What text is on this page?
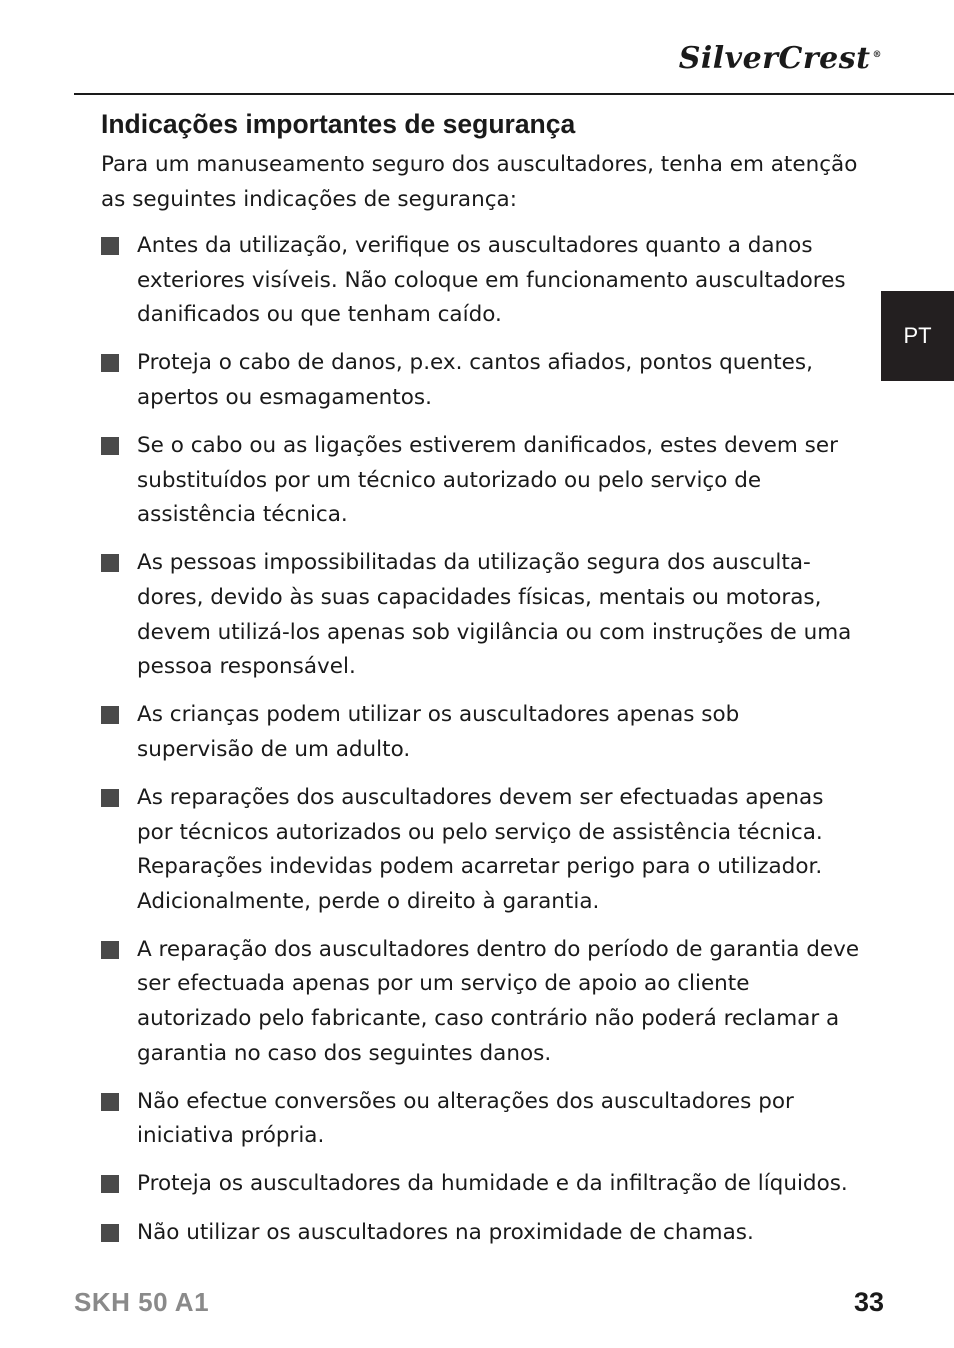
SilverCrest ®
PT
Indicações importantes de segurança

Para um manuseamento seguro dos auscultadores, tenha em atenção as seguintes indicações de segurança:

Antes da utilização, verifique os auscultadores quanto a danos exteriores visíveis. Não coloque em funcionamento auscultadores danificados ou que tenham caído.
Proteja o cabo de danos, p.ex. cantos afiados, pontos quentes, apertos ou esmagamentos.
Se o cabo ou as ligações estiverem danificados, estes devem ser substituídos por um técnico autorizado ou pelo serviço de assistência técnica.
As pessoas impossibilitadas da utilização segura dos auscultadores, devido às suas capacidades físicas, mentais ou motoras, devem utilizá-los apenas sob vigilância ou com instruções de uma pessoa responsável.
As crianças podem utilizar os auscultadores apenas sob supervisão de um adulto.
As reparações dos auscultadores devem ser efectuadas apenas por técnicos autorizados ou pelo serviço de assistência técnica. Reparações indevidas podem acarretar perigo para o utilizador. Adicionalmente, perde o direito à garantia.
A reparação dos auscultadores dentro do período de garantia deve ser efectuada apenas por um serviço de apoio ao cliente autorizado pelo fabricante, caso contrário não poderá reclamar a garantia no caso dos seguintes danos.
Não efectue conversões ou alterações dos auscultadores por iniciativa própria.
Proteja os auscultadores da humidade e da infiltração de líquidos.
Não utilizar os auscultadores na proximidade de chamas.
SKH 50 A1	33
